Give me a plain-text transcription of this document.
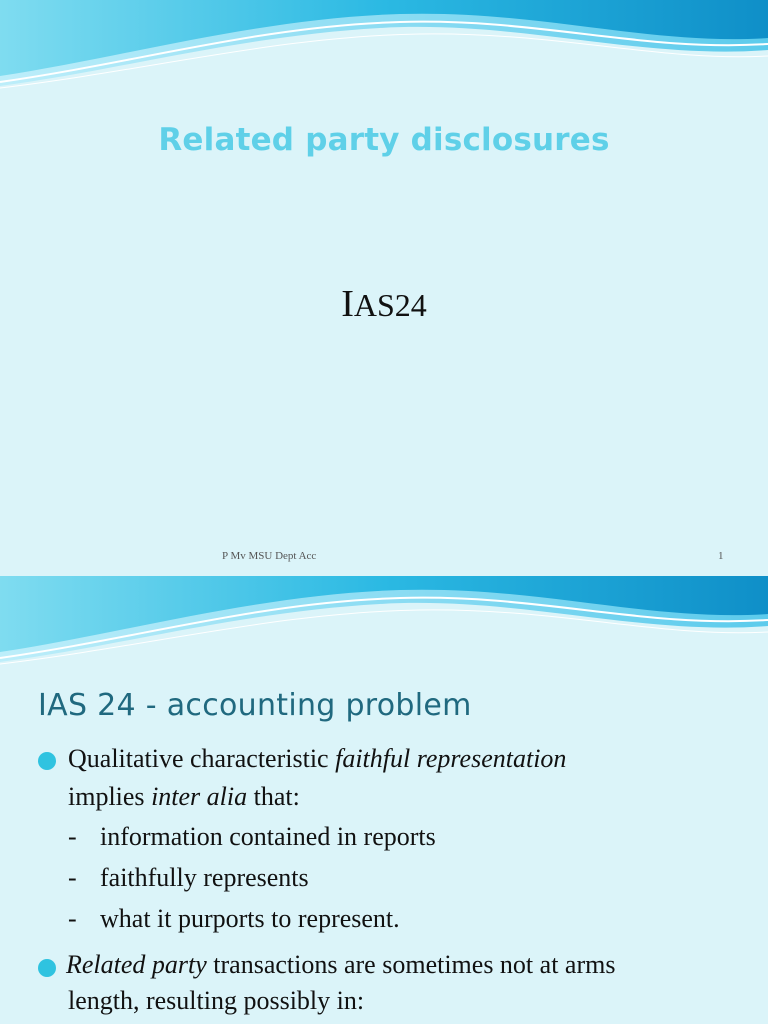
Related party disclosures
IAS24
P Mv MSU Dept Acc	1
IAS 24 - accounting problem
Qualitative characteristic faithful representation
implies inter alia that:
- information contained in reports
- faithfully represents
- what it purports to represent.
Related party transactions are sometimes not at arms
length, resulting possibly in:
